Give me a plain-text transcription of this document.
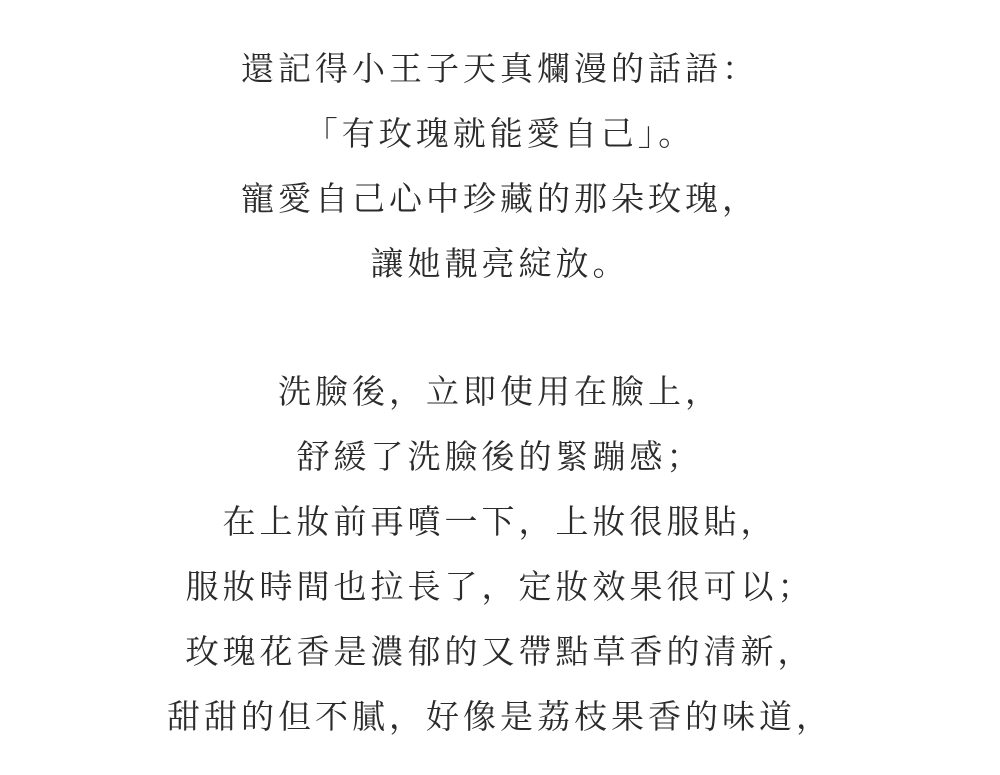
還記得小王子天真爛漫的話語：
「有玫瑰就能愛自己」。
寵愛自己心中珍藏的那朵玫瑰，
讓她靚亮綻放。
洗臉後，立即使用在臉上，
舒緩了洗臉後的緊蹦感；
在上妝前再噴一下，上妝很服貼，
服妝時間也拉長了，定妝效果很可以；
玫瑰花香是濃郁的又帶點草香的清新，
甜甜的但不膩，好像是荔枝果香的味道，
